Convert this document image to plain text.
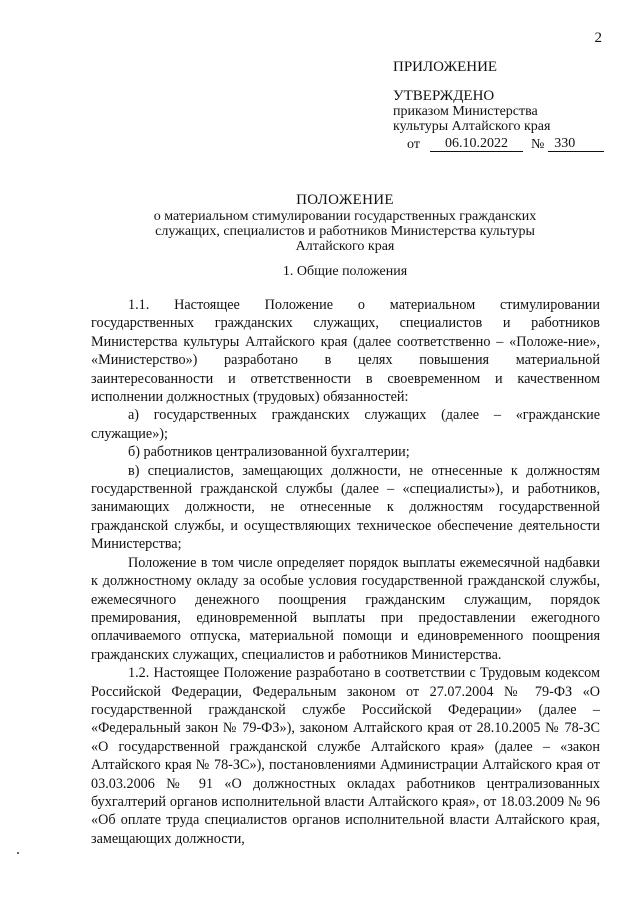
2
ПРИЛОЖЕНИЕ
УТВЕРЖДЕНО
приказом Министерства
культуры Алтайского края
от	06.10.2022	№ 330
ПОЛОЖЕНИЕ
о материальном стимулировании государственных гражданских служащих, специалистов и работников Министерства культуры Алтайского края
1. Общие положения

1.1. Настоящее Положение о материальном стимулировании государственных гражданских служащих, специалистов и работников Министерства культуры Алтайского края (далее соответственно – «Положе-ние», «Министерство») разработано в целях повышения материальной заинтересованности и ответственности в своевременном и качественном исполнении должностных (трудовых) обязанностей:

а) государственных гражданских служащих (далее – «гражданские служащие»);

б) работников централизованной бухгалтерии;

в) специалистов, замещающих должности, не отнесенные к должностям государственной гражданской службы (далее – «специалисты»), и работников, занимающих должности, не отнесенные к должностям государственной гражданской службы, и осуществляющих техническое обеспечение деятельности Министерства;

Положение в том числе определяет порядок выплаты ежемесячной надбавки к должностному окладу за особые условия государственной гражданской службы, ежемесячного денежного поощрения гражданским служащим, порядок премирования, единовременной выплаты при предоставлении ежегодного оплачиваемого отпуска, материальной помощи и единовременного поощрения гражданских служащих, специалистов и работников Министерства.

1.2. Настоящее Положение разработано в соответствии с Трудовым кодексом Российской Федерации, Федеральным законом от 27.07.2004 № 79-ФЗ «О государственной гражданской службе Российской Федерации» (далее – «Федеральный закон № 79-ФЗ»), законом Алтайского края от 28.10.2005 № 78-ЗС «О государственной гражданской службе Алтайского края» (далее – «закон Алтайского края № 78-ЗС»), постановлениями Администрации Алтайского края от 03.03.2006 № 91 «О должностных окладах работников централизованных бухгалтерий органов исполнительной власти Алтайского края», от 18.03.2009 № 96 «Об оплате труда специалистов органов исполнительной власти Алтайского края, замещающих должности,
